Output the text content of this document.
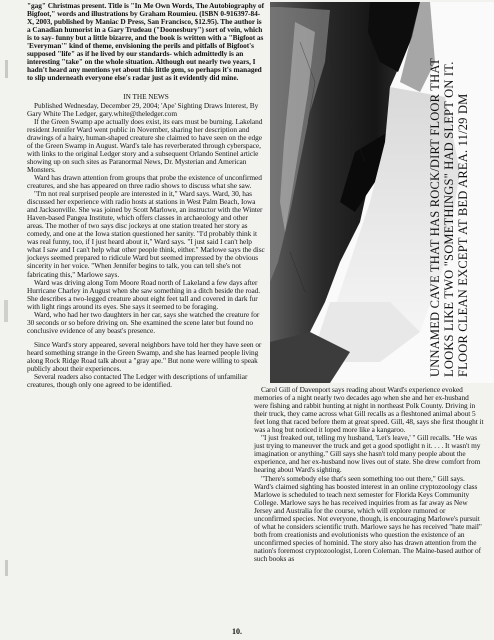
"gag" Christmas present. Title is "In Me Own Words, The Autobiography of Bigfoot," words and illustrations by Graham Roumieu. (ISBN 0-916397-84-X, 2003, published by Maniac D Press, San Francisco, $12.95). The author is a Canadian humorist in a Gary Trudeau ("Doonesbury") sort of vein, which is to say- funny but a little bizarre, and the book is written with a "Bigfoot as 'Everyman'" kind of theme, envisioning the perils and pitfalls of Bigfoot's supposed "life" as if he lived by our standards- which admittedly is an interesting "take" on the whole situation. Although out nearly two years, I hadn't heard any mentions yet about this little gem, so perhaps it's managed to slip underneath everyone else's radar just as it evidently did mine.

IN THE NEWS

Published Wednesday, December 29, 2004; 'Ape' Sighting Draws Interest, By Gary White The Ledger, gary.white@theledger.com

If the Green Swamp ape actually does exist, its ears must be burning. Lakeland resident Jennifer Ward went public in November, sharing her description and drawings of a hairy, human-shaped creature she claimed to have seen on the edge of the Green Swamp in August. Ward's tale has reverberated through cyberspace, with links to the original Ledger story and a subsequent Orlando Sentinel article showing up on such sites as Paranormal News, Dr. Mysterian and American Monsters.

Ward has drawn attention from groups that probe the existence of unconfirmed creatures, and she has appeared on three radio shows to discuss what she saw.

"I'm not real surprised people are interested in it," Ward says. Ward, 30, has discussed her experience with radio hosts at stations in West Palm Beach, Iowa and Jacksonville. She was joined by Scott Marlowe, an instructor with the Winter Haven-based Pangea Institute, which offers classes in archaeology and other areas. The mother of two says disc jockeys at one station treated her story as comedy, and one at the Iowa station questioned her sanity. "I'd probably think it was real funny, too, if I just heard about it," Ward says. "I just said I can't help what I saw and I can't help what other people think, either." Marlowe says the disc jockeys seemed prepared to ridicule Ward but seemed impressed by the obvious sincerity in her voice. "When Jennifer begins to talk, you can tell she's not fabricating this," Marlowe says.

Ward was driving along Tom Moore Road north of Lakeland a few days after Hurricane Charley in August when she saw something in a ditch beside the road. She describes a two-legged creature about eight feet tall and covered in dark fur with light rings around its eyes. She says it seemed to be foraging.

Ward, who had her two daughters in her car, says she watched the creature for 30 seconds or so before driving on. She examined the scene later but found no conclusive evidence of any beast's presence.

Since Ward's story appeared, several neighbors have told her they have seen or heard something strange in the Green Swamp, and she has learned people living along Rock Ridge Road talk about a "gray ape." But none were willing to speak publicly about their experiences.

Several readers also contacted The Ledger with descriptions of unfamiliar creatures, though only one agreed to be identified.

UNNAMED CAVE THAT HAS ROCK/DIRT FLOOR THAT LOOKS LIKE TWO "SOMETHINGS" HAD SLEPT ON IT. FLOOR CLEAN EXCEPT AT BED AREA. 11/29 DM

Carol Gill of Davenport says reading about Ward's experience evoked memories of a night nearly two decades ago when she and her ex-husband were fishing and rabbit hunting at night in northeast Polk County. Driving in their truck, they came across what Gill recalls as a fleshtoned animal about 5 feet long that raced before them at great speed. Gill, 48, says she first thought it was a hog but noticed it loped more like a kangaroo.

"I just freaked out, telling my husband, 'Let's leave,' " Gill recalls. "He was just trying to maneuver the truck and get a good spotlight n it. . . . It wasn't my imagination or anything." Gill says she hasn't told many people about the experience, and her ex-husband now lives out of state. She drew comfort from hearing about Ward's sighting.

"There's somebody else that's seen something too out there," Gill says. Ward's claimed sighting has boosted interest in an online cryptozoology class Marlowe is scheduled to teach next semester for Florida Keys Community College. Marlowe says he has received inquiries from as far away as New Jersey and Australia for the course, which will explore rumored or unconfirmed species. Not everyone, though, is encouraging Marlowe's pursuit of what he considers scientific truth. Marlowe says he has received "hate mail" both from creationists and evolutionists who question the existence of an unconfirmed species of hominid. The story also has drawn attention from the nation's foremost cryptozoologist, Loren Coleman. The Maine-based author of such books as

10.
